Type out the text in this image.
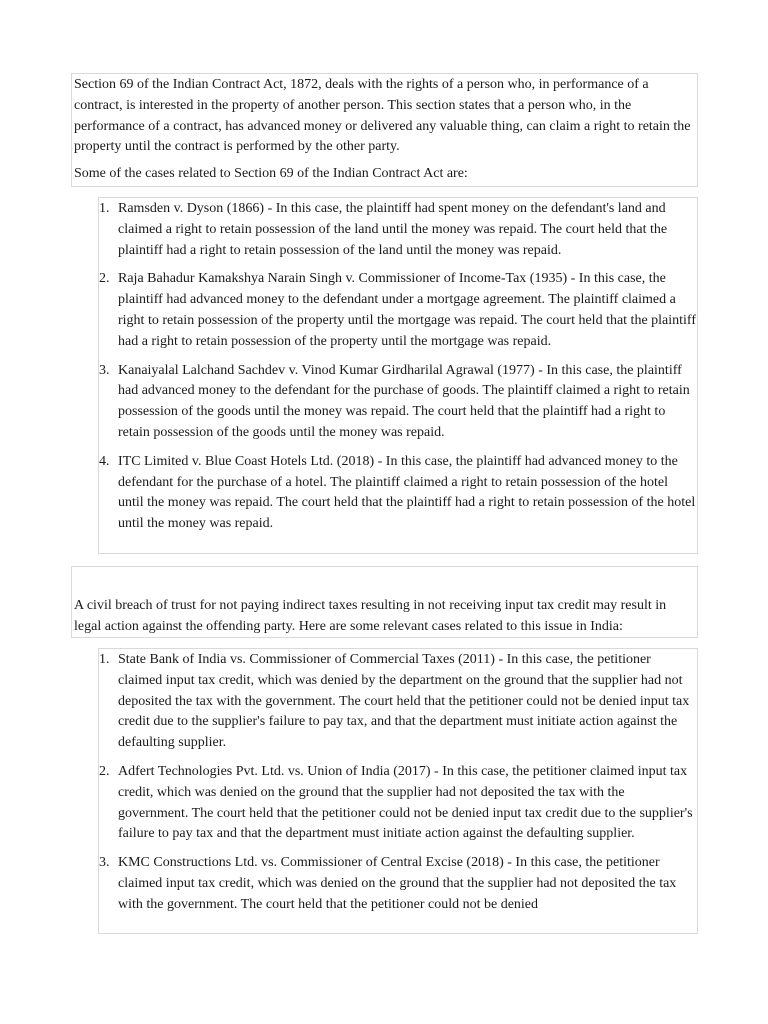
Section 69 of the Indian Contract Act, 1872, deals with the rights of a person who, in performance of a contract, is interested in the property of another person. This section states that a person who, in the performance of a contract, has advanced money or delivered any valuable thing, can claim a right to retain the property until the contract is performed by the other party.

Some of the cases related to Section 69 of the Indian Contract Act are:

1. Ramsden v. Dyson (1866) - In this case, the plaintiff had spent money on the defendant's land and claimed a right to retain possession of the land until the money was repaid. The court held that the plaintiff had a right to retain possession of the land until the money was repaid.
2. Raja Bahadur Kamakshya Narain Singh v. Commissioner of Income-Tax (1935) - In this case, the plaintiff had advanced money to the defendant under a mortgage agreement. The plaintiff claimed a right to retain possession of the property until the mortgage was repaid. The court held that the plaintiff had a right to retain possession of the property until the mortgage was repaid.
3. Kanaiyalal Lalchand Sachdev v. Vinod Kumar Girdharilal Agrawal (1977) - In this case, the plaintiff had advanced money to the defendant for the purchase of goods. The plaintiff claimed a right to retain possession of the goods until the money was repaid. The court held that the plaintiff had a right to retain possession of the goods until the money was repaid.
4. ITC Limited v. Blue Coast Hotels Ltd. (2018) - In this case, the plaintiff had advanced money to the defendant for the purchase of a hotel. The plaintiff claimed a right to retain possession of the hotel until the money was repaid. The court held that the plaintiff had a right to retain possession of the hotel until the money was repaid.

A civil breach of trust for not paying indirect taxes resulting in not receiving input tax credit may result in legal action against the offending party. Here are some relevant cases related to this issue in India:

1. State Bank of India vs. Commissioner of Commercial Taxes (2011) - In this case, the petitioner claimed input tax credit, which was denied by the department on the ground that the supplier had not deposited the tax with the government. The court held that the petitioner could not be denied input tax credit due to the supplier's failure to pay tax, and that the department must initiate action against the defaulting supplier.
2. Adfert Technologies Pvt. Ltd. vs. Union of India (2017) - In this case, the petitioner claimed input tax credit, which was denied on the ground that the supplier had not deposited the tax with the government. The court held that the petitioner could not be denied input tax credit due to the supplier's failure to pay tax and that the department must initiate action against the defaulting supplier.
3. KMC Constructions Ltd. vs. Commissioner of Central Excise (2018) - In this case, the petitioner claimed input tax credit, which was denied on the ground that the supplier had not deposited the tax with the government. The court held that the petitioner could not be denied
